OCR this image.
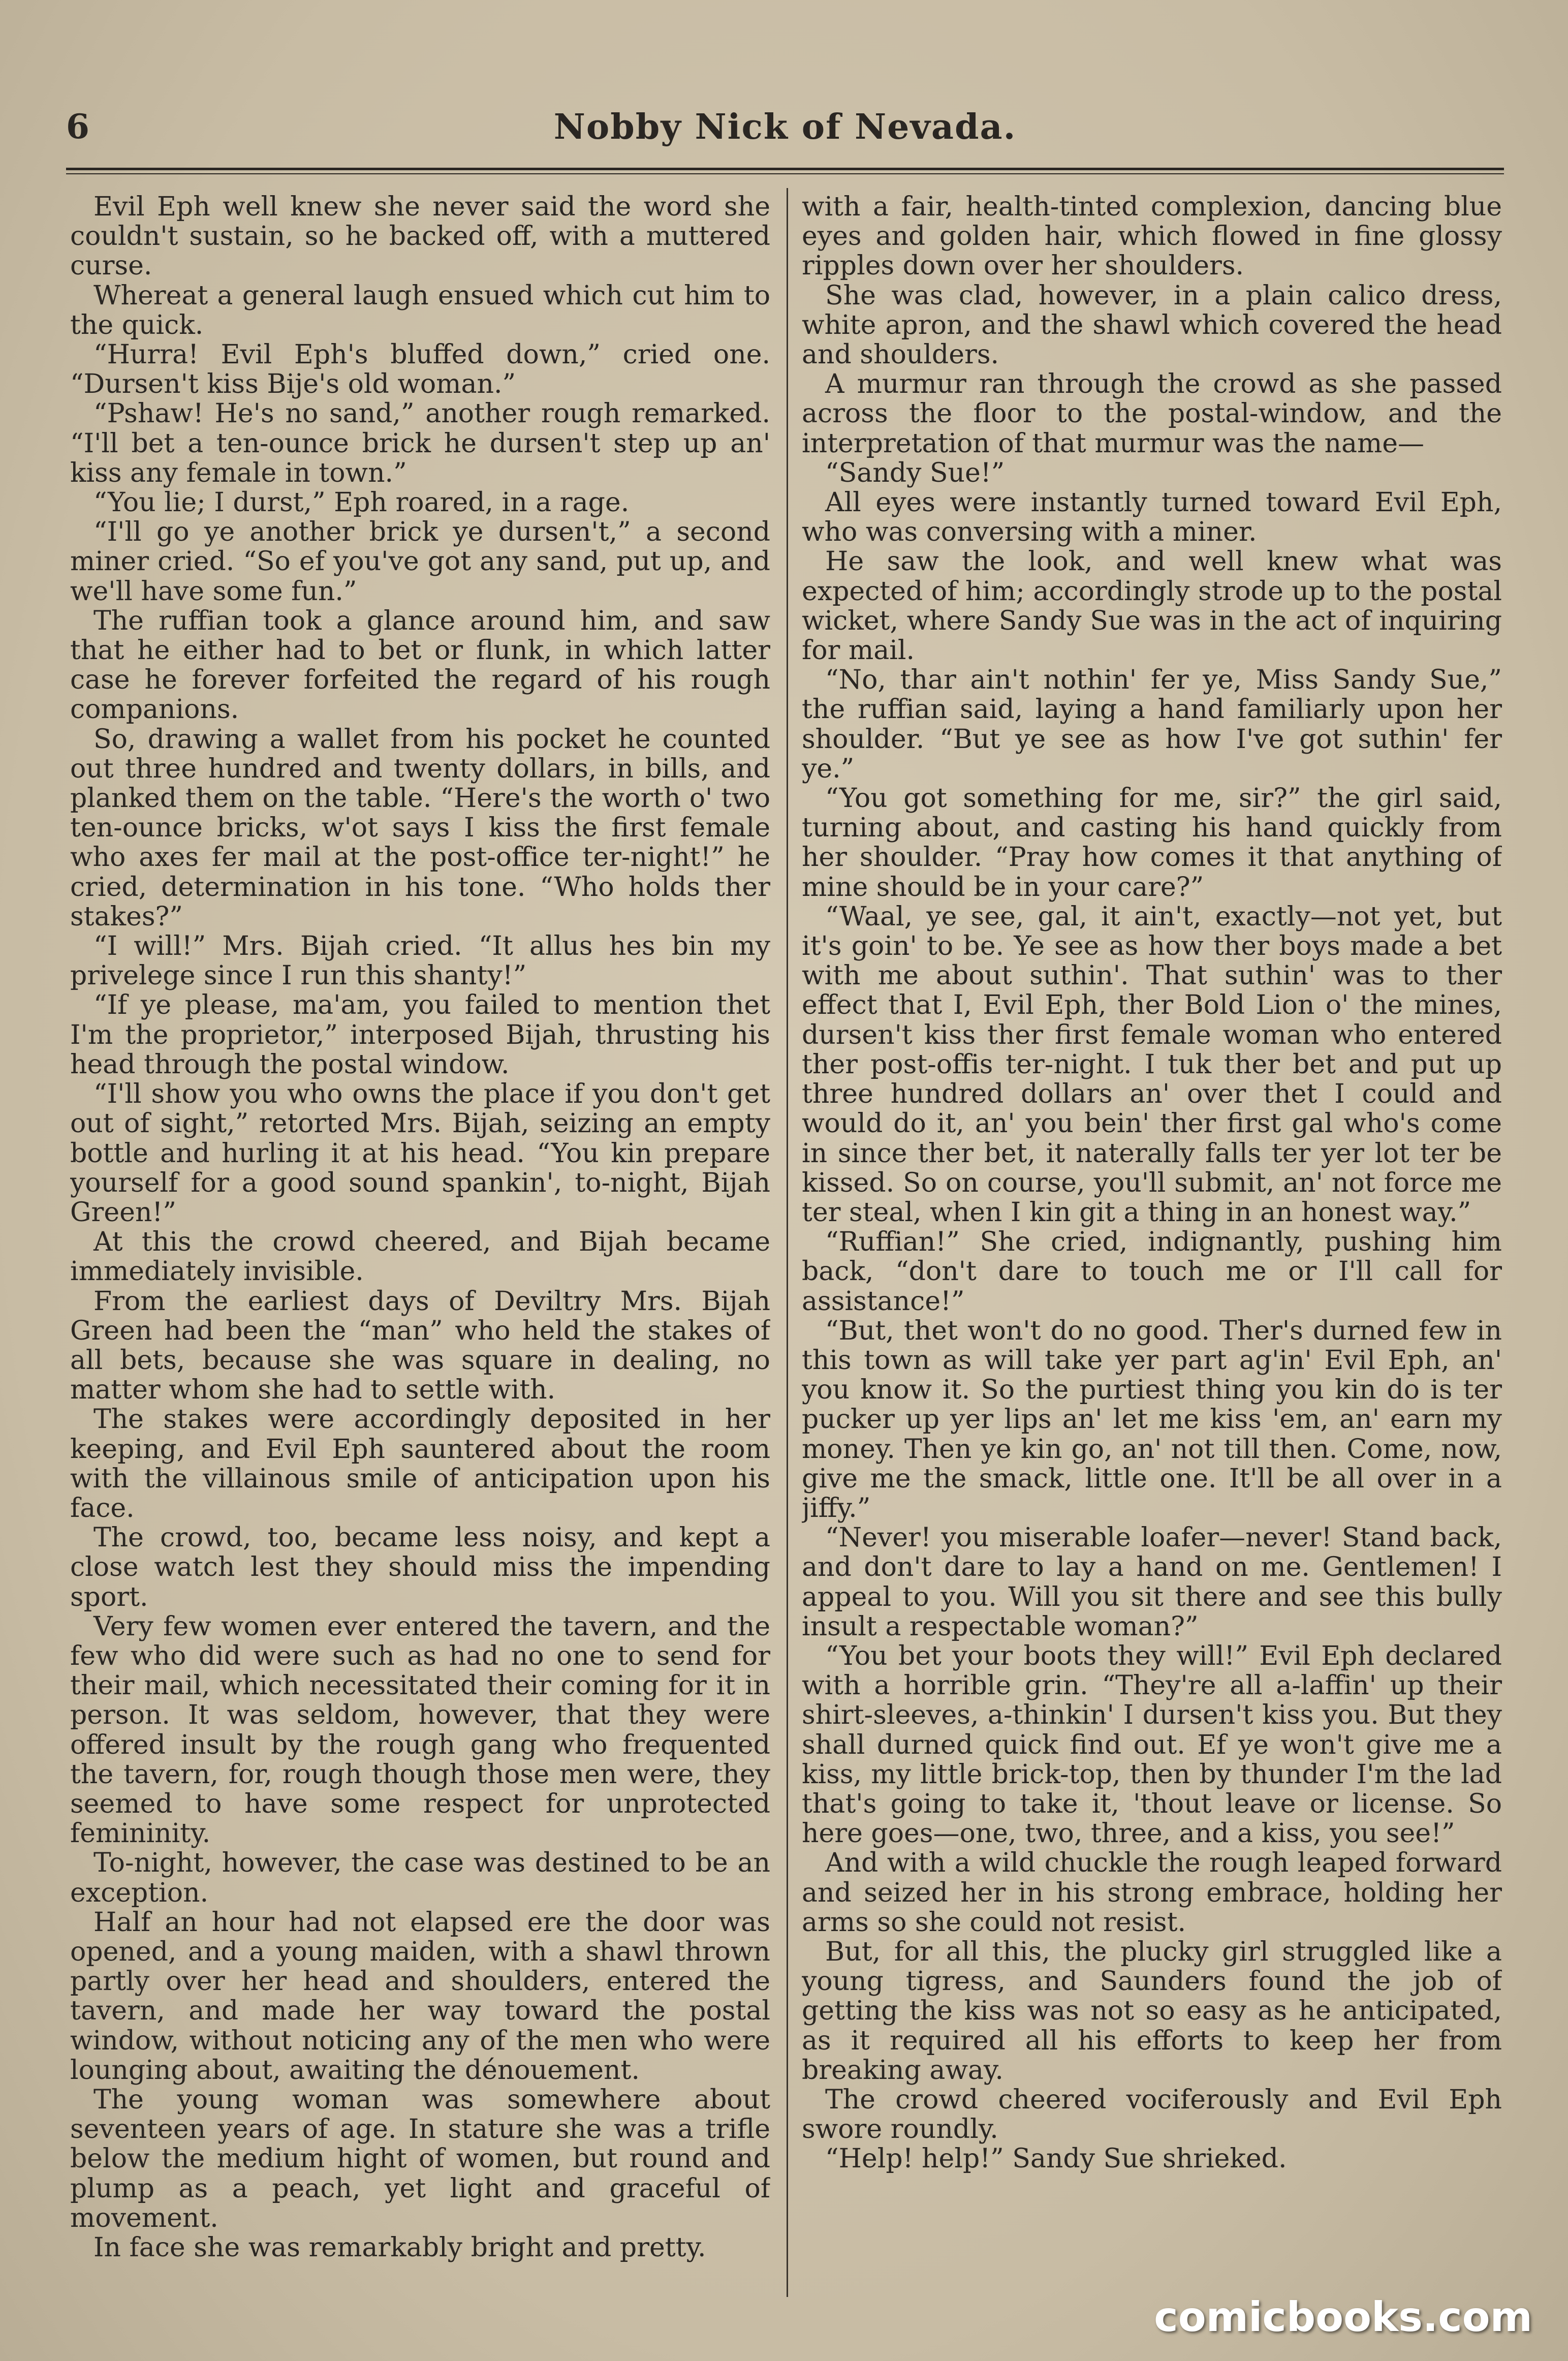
Nobby Nick of Nevada.
6

Evil Eph well knew she never said the word she couldn't sustain, so he backed off, with a muttered curse.

Whereat a general laugh ensued which cut him to the quick.

“Hurra! Evil Eph's bluffed down,” cried one. “Dursen't kiss Bije's old woman.”

“Pshaw! He's no sand,” another rough remarked. “I'll bet a ten-ounce brick he dursen't step up an' kiss any female in town.”

“You lie; I durst,” Eph roared, in a rage.

“I'll go ye another brick ye dursen't,” a second miner cried. “So ef you've got any sand, put up, and we'll have some fun.”

The ruffian took a glance around him, and saw that he either had to bet or flunk, in which latter case he forever forfeited the regard of his rough companions.

So, drawing a wallet from his pocket he counted out three hundred and twenty dollars, in bills, and planked them on the table. “Here's the worth o' two ten-ounce bricks, w'ot says I kiss the first female who axes fer mail at the post-office ter-night!” he cried, determination in his tone. “Who holds ther stakes?”

“I will!” Mrs. Bijah cried. “It allus hes bin my privelege since I run this shanty!”

“If ye please, ma'am, you failed to mention thet I'm the proprietor,” interposed Bijah, thrusting his head through the postal window.

“I'll show you who owns the place if you don't get out of sight,” retorted Mrs. Bijah, seizing an empty bottle and hurling it at his head. “You kin prepare yourself for a good sound spankin', to-night, Bijah Green!”

At this the crowd cheered, and Bijah became immediately invisible.

From the earliest days of Deviltry Mrs. Bijah Green had been the “man” who held the stakes of all bets, because she was square in dealing, no matter whom she had to settle with.

The stakes were accordingly deposited in her keeping, and Evil Eph sauntered about the room with the villainous smile of anticipation upon his face.

The crowd, too, became less noisy, and kept a close watch lest they should miss the impending sport.

Very few women ever entered the tavern, and the few who did were such as had no one to send for their mail, which necessitated their coming for it in person. It was seldom, however, that they were offered insult by the rough gang who frequented the tavern, for, rough though those men were, they seemed to have some respect for unprotected femininity.

To-night, however, the case was destined to be an exception.

Half an hour had not elapsed ere the door was opened, and a young maiden, with a shawl thrown partly over her head and shoulders, entered the tavern, and made her way toward the postal window, without noticing any of the men who were lounging about, awaiting the dénouement.

The young woman was somewhere about seventeen years of age. In stature she was a trifle below the medium hight of women, but round and plump as a peach, yet light and graceful of movement.

In face she was remarkably bright and pretty.

with a fair, health-tinted complexion, dancing blue eyes and golden hair, which flowed in fine glossy ripples down over her shoulders.

She was clad, however, in a plain calico dress, white apron, and the shawl which covered the head and shoulders.

A murmur ran through the crowd as she passed across the floor to the postal-window, and the interpretation of that murmur was the name—

“Sandy Sue!”

All eyes were instantly turned toward Evil Eph, who was conversing with a miner.

He saw the look, and well knew what was expected of him; accordingly strode up to the postal wicket, where Sandy Sue was in the act of inquiring for mail.

“No, thar ain't nothin' fer ye, Miss Sandy Sue,” the ruffian said, laying a hand familiarly upon her shoulder. “But ye see as how I've got suthin' fer ye.”

“You got something for me, sir?” the girl said, turning about, and casting his hand quickly from her shoulder. “Pray how comes it that anything of mine should be in your care?”

“Waal, ye see, gal, it ain't, exactly—not yet, but it's goin' to be. Ye see as how ther boys made a bet with me about suthin'. That suthin' was to ther effect that I, Evil Eph, ther Bold Lion o' the mines, dursen't kiss ther first female woman who entered ther post-offis ter-night. I tuk ther bet and put up three hundred dollars an' over thet I could and would do it, an' you bein' ther first gal who's come in since ther bet, it naterally falls ter yer lot ter be kissed. So on course, you'll submit, an' not force me ter steal, when I kin git a thing in an honest way.”

“Ruffian!” She cried, indignantly, pushing him back, “don't dare to touch me or I'll call for assistance!”

“But, thet won't do no good. Ther's durned few in this town as will take yer part ag'in' Evil Eph, an' you know it. So the purtiest thing you kin do is ter pucker up yer lips an' let me kiss 'em, an' earn my money. Then ye kin go, an' not till then. Come, now, give me the smack, little one. It'll be all over in a jiffy.”

“Never! you miserable loafer—never! Stand back, and don't dare to lay a hand on me. Gentlemen! I appeal to you. Will you sit there and see this bully insult a respectable woman?”

“You bet your boots they will!” Evil Eph declared with a horrible grin. “They're all a-laffin' up their shirt-sleeves, a-thinkin' I dursen't kiss you. But they shall durned quick find out. Ef ye won't give me a kiss, my little brick-top, then by thunder I'm the lad that's going to take it, 'thout leave or license. So here goes—one, two, three, and a kiss, you see!”

And with a wild chuckle the rough leaped forward and seized her in his strong embrace, holding her arms so she could not resist.

But, for all this, the plucky girl struggled like a young tigress, and Saunders found the job of getting the kiss was not so easy as he anticipated, as it required all his efforts to keep her from breaking away.

The crowd cheered vociferously and Evil Eph swore roundly.

“Help! help!” Sandy Sue shrieked.

comicbooks.com
